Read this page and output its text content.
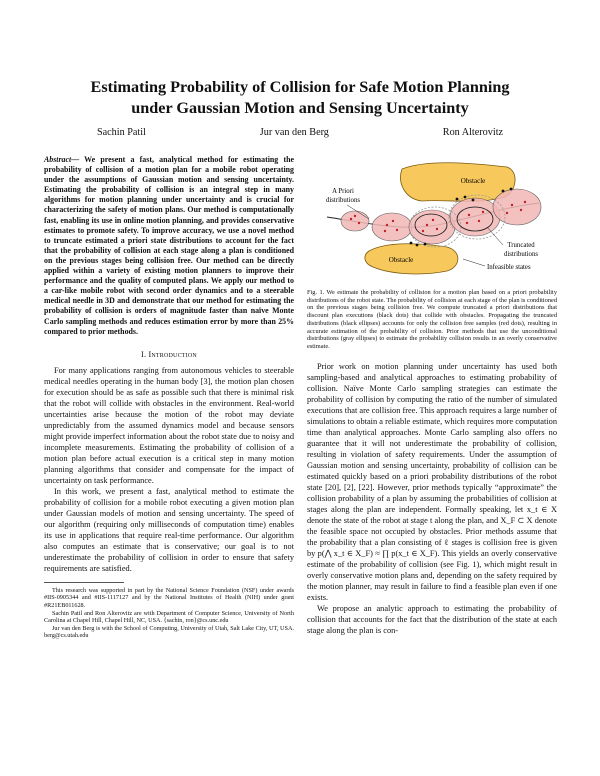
Estimating Probability of Collision for Safe Motion Planning
under Gaussian Motion and Sensing Uncertainty
Sachin Patil	Jur van den Berg	Ron Alterovitz

Abstract— We present a fast, analytical method for estimating the probability of collision of a motion plan for a mobile robot operating under the assumptions of Gaussian motion and sensing uncertainty. Estimating the probability of collision is an integral step in many algorithms for motion planning under uncertainty and is crucial for characterizing the safety of motion plans. Our method is computationally fast, enabling its use in online motion planning, and provides conservative estimates to promote safety. To improve accuracy, we use a novel method to truncate estimated a priori state distributions to account for the fact that the probability of collision at each stage along a plan is conditioned on the previous stages being collision free. Our method can be directly applied within a variety of existing motion planners to improve their performance and the quality of computed plans. We apply our method to a car-like mobile robot with second order dynamics and to a steerable medical needle in 3D and demonstrate that our method for estimating the probability of collision is orders of magnitude faster than naïve Monte Carlo sampling methods and reduces estimation error by more than 25% compared to prior methods.

I. Introduction

For many applications ranging from autonomous vehicles to steerable medical needles operating in the human body [3], the motion plan chosen for execution should be as safe as possible such that there is minimal risk that the robot will collide with obstacles in the environment. Real-world uncertainties arise because the motion of the robot may deviate unpredictably from the assumed dynamics model and because sensors might provide imperfect information about the robot state due to noisy and incomplete measurements. Estimating the probability of collision of a motion plan before actual execution is a critical step in many motion planning algorithms that consider and compensate for the impact of uncertainty on task performance.

In this work, we present a fast, analytical method to estimate the probability of collision for a mobile robot executing a given motion plan under Gaussian models of motion and sensing uncertainty. The speed of our algorithm (requiring only milliseconds of computation time) enables its use in applications that require real-time performance. Our algorithm also computes an estimate that is conservative; our goal is to not underestimate the probability of collision in order to ensure that safety requirements are satisfied.

This research was supported in part by the National Science Foundation (NSF) under awards #IIS-0905344 and #IIS-1117127 and by the National Institutes of Health (NIH) under grant #R21EB011628.

Sachin Patil and Ron Alterovitz are with Department of Computer Science, University of North Carolina at Chapel Hill, Chapel Hill, NC, USA. {sachin, ron}@cs.unc.edu

Jur van den Berg is with the School of Computing, University of Utah, Salt Lake City, UT, USA. berg@cs.utah.edu

Obstacle
Obstacle
A Priori
distributions
Truncated
distributions
Infeasible states

Fig. 1. We estimate the probability of collision for a motion plan based on a priori probability distributions of the robot state. The probability of collision at each stage of the plan is conditioned on the previous stages being collision free. We compute truncated a priori distributions that discount plan executions (black dots) that collide with obstacles. Propagating the truncated distributions (black ellipses) accounts for only the collision free samples (red dots), resulting in accurate estimation of the probability of collision. Prior methods that use the unconditional distributions (gray ellipses) to estimate the probability collision results in an overly conservative estimate.

Prior work on motion planning under uncertainty has used both sampling-based and analytical approaches to estimating probability of collision. Naïve Monte Carlo sampling strategies can estimate the probability of collision by computing the ratio of the number of simulated executions that are collision free. This approach requires a large number of simulations to obtain a reliable estimate, which requires more computation time than analytical approaches. Monte Carlo sampling also offers no guarantee that it will not underestimate the probability of collision, resulting in violation of safety requirements. Under the assumption of Gaussian motion and sensing uncertainty, probability of collision can be estimated quickly based on a priori probability distributions of the robot state [20], [2], [22]. However, prior methods typically “approximate” the collision probability of a plan by assuming the probabilities of collision at stages along the plan are independent. Formally speaking, let x_t ∈ X denote the state of the robot at stage t along the plan, and X_F ⊂ X denote the feasible space not occupied by obstacles. Prior methods assume that the probability that a plan consisting of ℓ stages is collision free is given by p(⋀ x_t ∈ X_F) ≈ ∏ p(x_t ∈ X_F). This yields an overly conservative estimate of the probability of collision (see Fig. 1), which might result in overly conservative motion plans and, depending on the safety required by the motion planner, may result in failure to find a feasible plan even if one exists.

We propose an analytic approach to estimating the probability of collision that accounts for the fact that the distribution of the state at each stage along the plan is con-
